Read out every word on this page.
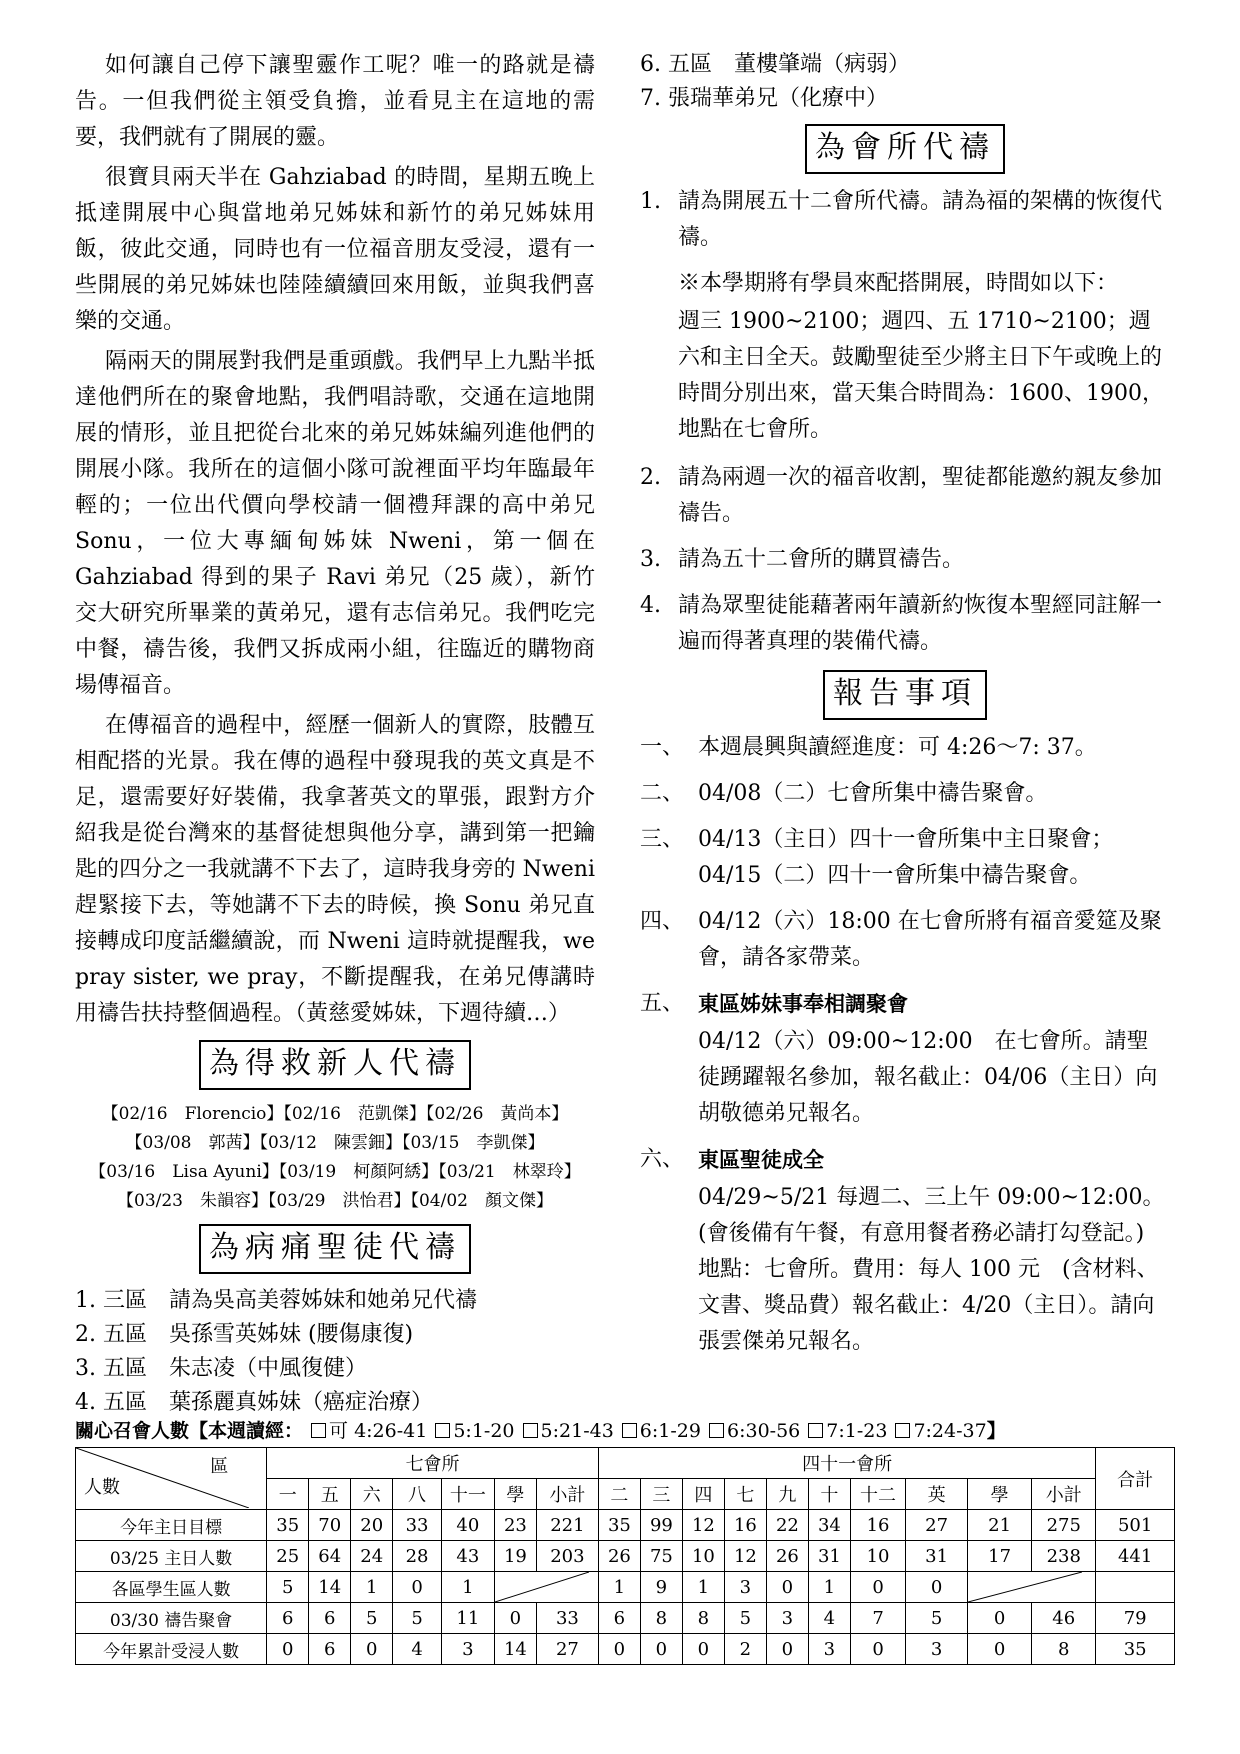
如何讓自己停下讓聖靈作工呢？唯一的路就是禱告。一但我們從主領受負擔，並看見主在這地的需要，我們就有了開展的靈。

很寶貝兩天半在 Gahziabad 的時間，星期五晚上抵達開展中心與當地弟兄姊妹和新竹的弟兄姊妹用飯，彼此交通，同時也有一位福音朋友受浸，還有一些開展的弟兄姊妹也陸陸續續回來用飯，並與我們喜樂的交通。

隔兩天的開展對我們是重頭戲。我們早上九點半抵達他們所在的聚會地點，我們唱詩歌，交通在這地開展的情形，並且把從台北來的弟兄姊妹編列進他們的開展小隊。我所在的這個小隊可說裡面平均年臨最年輕的；一位出代價向學校請一個禮拜課的高中弟兄 Sonu，一位大專緬甸姊妹 Nweni，第一個在 Gahziabad 得到的果子 Ravi 弟兄（25 歲），新竹交大研究所畢業的黃弟兄，還有志信弟兄。我們吃完中餐，禱告後，我們又拆成兩小組，往臨近的購物商場傳福音。

在傳福音的過程中，經歷一個新人的實際，肢體互相配搭的光景。我在傳的過程中發現我的英文真是不足，還需要好好裝備，我拿著英文的單張，跟對方介紹我是從台灣來的基督徒想與他分享，講到第一把鑰匙的四分之一我就講不下去了，這時我身旁的 Nweni 趕緊接下去，等她講不下去的時候，換 Sonu 弟兄直接轉成印度話繼續說，而 Nweni 這時就提醒我，we pray sister, we pray，不斷提醒我，在弟兄傳講時用禱告扶持整個過程。（黃慈愛姊妹，下週待續…）

為得救新人代禱
【02/16　Florencio】【02/16　范凱傑】【02/26　黃尚本】
【03/08　郭茜】【03/12　陳雲鈿】【03/15　李凱傑】
【03/16　Lisa Ayuni】【03/19　柯顏阿綉】【03/21　林翠玲】
【03/23　朱韻容】【03/29　洪怡君】【04/02　顏文傑】
為病痛聖徒代禱
1. 三區　請為吳高美蓉姊妹和她弟兄代禱
2. 五區　吳孫雪英姊妹 (腰傷康復)
3. 五區　朱志凌（中風復健）
4. 五區　葉孫麗真姊妹（癌症治療）
6. 五區　董樓肇端（病弱）
7. 張瑞華弟兄（化療中）
為會所代禱
1. 請為開展五十二會所代禱。請為福的架構的恢復代禱。

※本學期將有學員來配搭開展，時間如以下：

週三 1900~2100；週四、五 1710~2100；週六和主日全天。鼓勵聖徒至少將主日下午或晚上的時間分別出來，當天集合時間為：1600、1900，地點在七會所。

2. 請為兩週一次的福音收割，聖徒都能邀約親友參加禱告。
3. 請為五十二會所的購買禱告。
4. 請為眾聖徒能藉著兩年讀新約恢復本聖經同註解一遍而得著真理的裝備代禱。
報告事項
一、 本週晨興與讀經進度：可 4:26～7: 37。
二、 04/08（二）七會所集中禱告聚會。
三、 04/13（主日）四十一會所集中主日聚會；04/15（二）四十一會所集中禱告聚會。
四、 04/12（六）18:00 在七會所將有福音愛筵及聚會，請各家帶菜。
五、 東區姊妹事奉相調聚會
04/12（六）09:00~12:00　在七會所。請聖徒踴躍報名參加，報名截止：04/06（主日）向胡敬德弟兄報名。
六、 東區聖徒成全
04/29~5/21 每週二、三上午 09:00~12:00。(會後備有午餐，有意用餐者務必請打勾登記。) 地點：七會所。費用：每人 100 元　(含材料、文書、獎品費）報名截止：4/20（主日）。請向張雲傑弟兄報名。
關心召會人數【本週讀經： 可 4:26-41 5:1-20 5:21-43 6:1-29 6:30-56 7:1-23 7:24-37】
區
人數	七會所							四十一會所										合計
	一	五	六	八	十一	學	小計	二	三	四	七	九	十	十二	英	學	小計	
今年主日目標	35	70	20	33	40	23	221	35	99	12	16	22	34	16	27	21	275	501
03/25 主日人數	25	64	24	28	43	19	203	26	75	10	12	26	31	10	31	17	238	441
各區學生區人數	5	14	1	0	1			1	9	1	3	0	1	0	0	

03/30 禱告聚會	6	6	5	5	11	0	33	6	8	8	5	3	4	7	5	0	46	79
今年累計受浸人數	0	6	0	4	3	14	27	0	0	0	2	0	3	0	3	0	8	35
